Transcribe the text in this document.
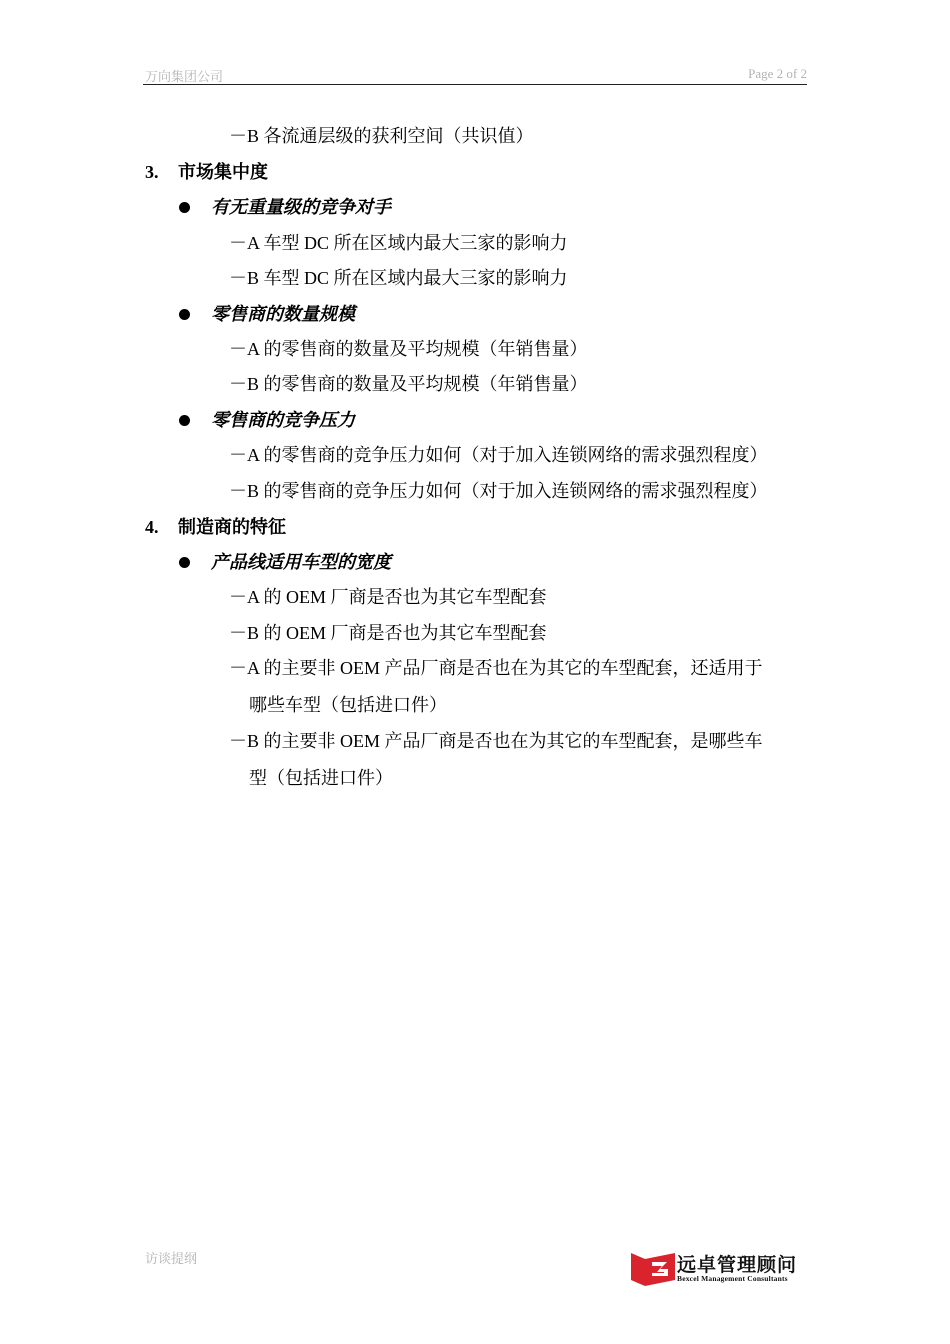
万向集团公司	Page 2 of 2
－B 各流通层级的获利空间（共识值）
3. 市场集中度
有无重量级的竞争对手
－A 车型 DC 所在区域内最大三家的影响力
－B 车型 DC 所在区域内最大三家的影响力
零售商的数量规模
－A 的零售商的数量及平均规模（年销售量）
－B 的零售商的数量及平均规模（年销售量）
零售商的竞争压力
－A 的零售商的竞争压力如何（对于加入连锁网络的需求强烈程度）
－B 的零售商的竞争压力如何（对于加入连锁网络的需求强烈程度）
4. 制造商的特征
产品线适用车型的宽度
－A 的 OEM 厂商是否也为其它车型配套
－B 的 OEM 厂商是否也为其它车型配套
－A 的主要非 OEM 产品厂商是否也在为其它的车型配套，还适用于
哪些车型（包括进口件）
－B 的主要非 OEM 产品厂商是否也在为其它的车型配套，是哪些车
型（包括进口件）
访谈提纲	远卓管理顾问
Bexcel Management Consultants
